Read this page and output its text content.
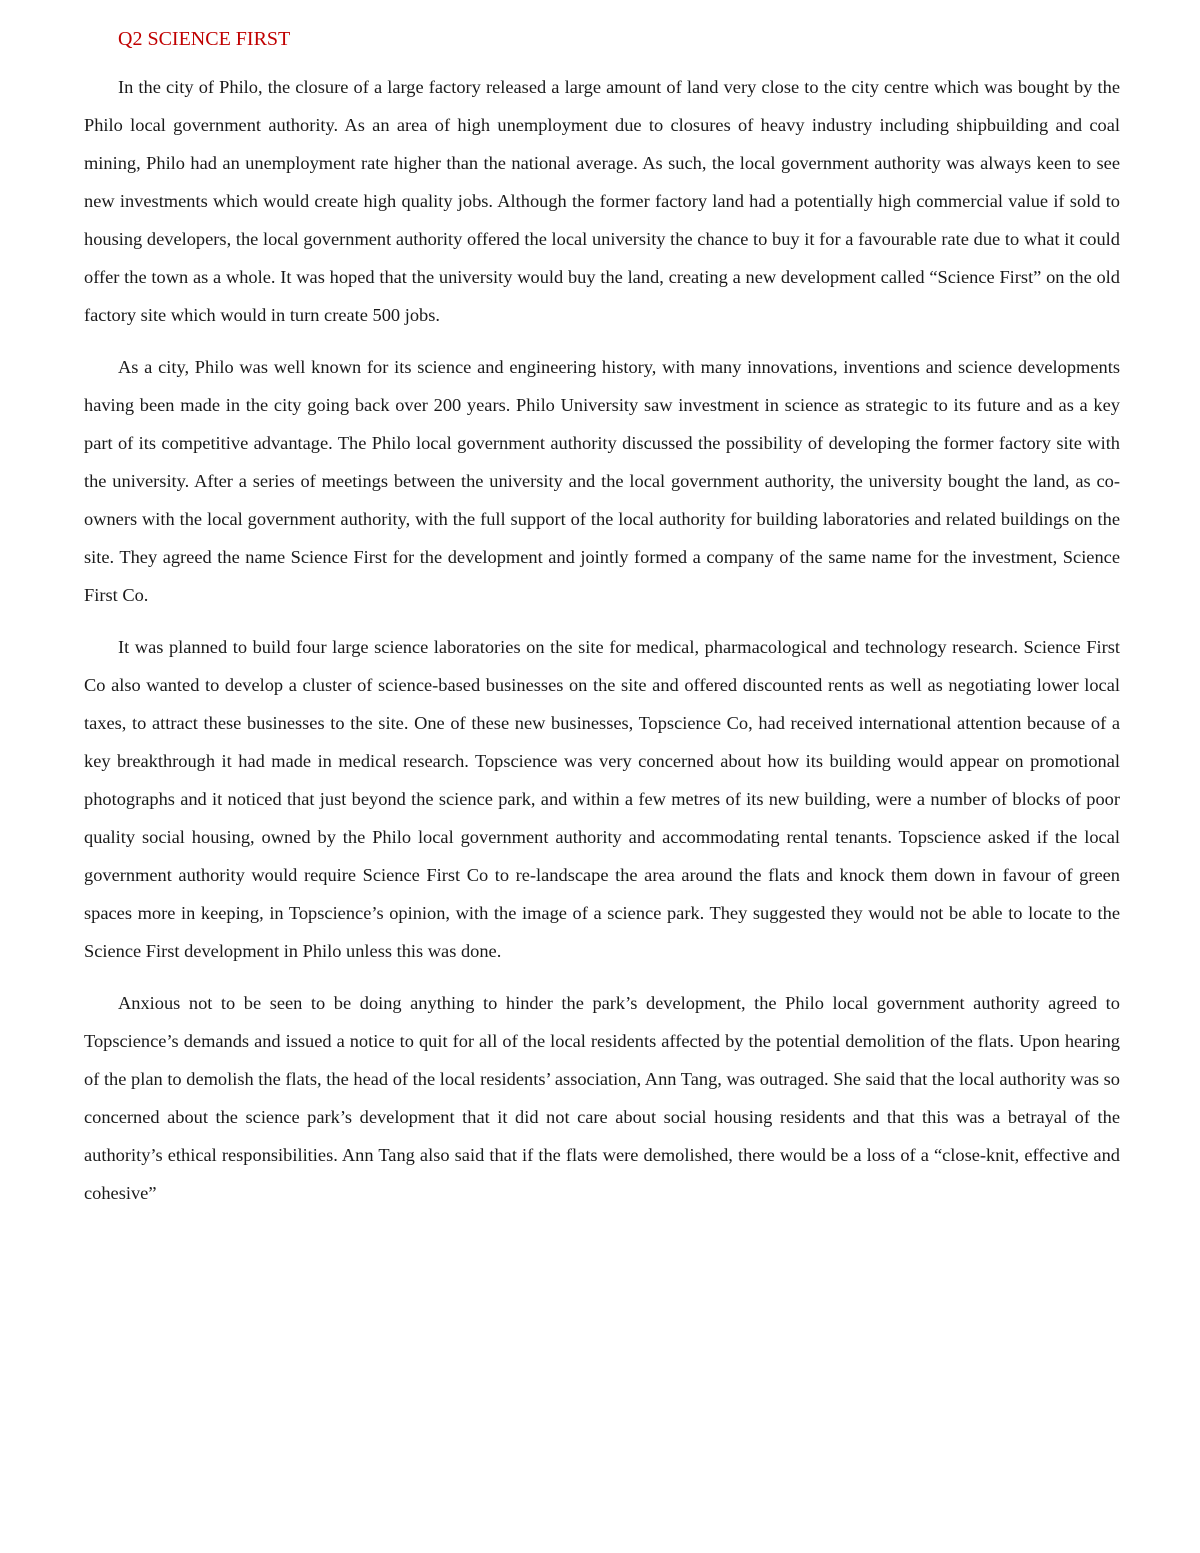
Q2 SCIENCE FIRST

In the city of Philo, the closure of a large factory released a large amount of land very close to the city centre which was bought by the Philo local government authority. As an area of high unemployment due to closures of heavy industry including shipbuilding and coal mining, Philo had an unemployment rate higher than the national average. As such, the local government authority was always keen to see new investments which would create high quality jobs. Although the former factory land had a potentially high commercial value if sold to housing developers, the local government authority offered the local university the chance to buy it for a favourable rate due to what it could offer the town as a whole. It was hoped that the university would buy the land, creating a new development called “Science First” on the old factory site which would in turn create 500 jobs.

As a city, Philo was well known for its science and engineering history, with many innovations, inventions and science developments having been made in the city going back over 200 years. Philo University saw investment in science as strategic to its future and as a key part of its competitive advantage. The Philo local government authority discussed the possibility of developing the former factory site with the university. After a series of meetings between the university and the local government authority, the university bought the land, as co-owners with the local government authority, with the full support of the local authority for building laboratories and related buildings on the site. They agreed the name Science First for the development and jointly formed a company of the same name for the investment, Science First Co.

It was planned to build four large science laboratories on the site for medical, pharmacological and technology research. Science First Co also wanted to develop a cluster of science-based businesses on the site and offered discounted rents as well as negotiating lower local taxes, to attract these businesses to the site. One of these new businesses, Topscience Co, had received international attention because of a key breakthrough it had made in medical research. Topscience was very concerned about how its building would appear on promotional photographs and it noticed that just beyond the science park, and within a few metres of its new building, were a number of blocks of poor quality social housing, owned by the Philo local government authority and accommodating rental tenants. Topscience asked if the local government authority would require Science First Co to re-landscape the area around the flats and knock them down in favour of green spaces more in keeping, in Topscience’s opinion, with the image of a science park. They suggested they would not be able to locate to the Science First development in Philo unless this was done.

Anxious not to be seen to be doing anything to hinder the park’s development, the Philo local government authority agreed to Topscience’s demands and issued a notice to quit for all of the local residents affected by the potential demolition of the flats. Upon hearing of the plan to demolish the flats, the head of the local residents’ association, Ann Tang, was outraged. She said that the local authority was so concerned about the science park’s development that it did not care about social housing residents and that this was a betrayal of the authority’s ethical responsibilities. Ann Tang also said that if the flats were demolished, there would be a loss of a “close-knit, effective and cohesive”
